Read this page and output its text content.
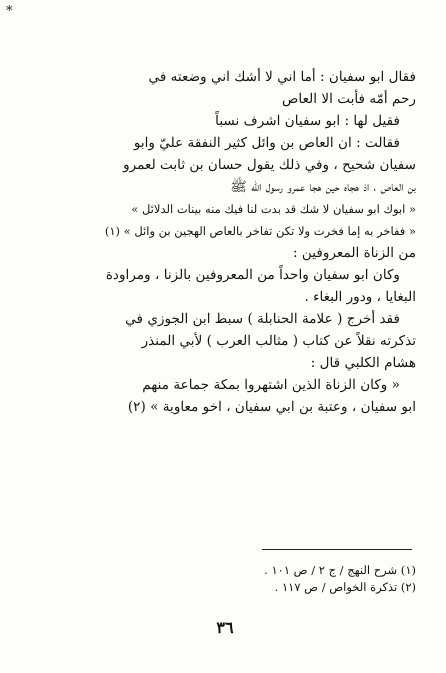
*
فقال ابو سفيان : أما اني لا أشك اني وضعته في
رحم أمّه فأبت الا العاص
فقيل لها : ابو سفيان اشرف نسباً
فقالت : ان العاص بن وائل كثير النفقة عليّ وابو
سفيان شحيح ، وفي ذلك يقول حسان بن ثابت لعمرو
بن العاص ، اذ هجاه حين هجا عمرو رسول الله ﷺ
« ابوك ابو سفيان لا شك قد بدت لنا فيك منه بينات الدلائل »
« ففاخر به إما فخرت ولا تكن تفاخر بالعاص الهجين بن وائل » (١)
من الزناة المعروفين :
وكان ابو سفيان واحداً من المعروفين بالزنا ، ومراودة
البغايا ، ودور البغاء .
فقد أخرج ( علامة الحنابلة ) سبط ابن الجوزي في
تذكرته نقلاً عن كتاب ( مثالب العرب ) لأبي المنذر
هشام الكلبي قال :
« وكان الزناة الذين اشتهروا بمكة جماعة منهم
ابو سفيان ، وعتبة بن ابي سفيان ، اخو معاوية » (٢)
(١) شرح النهج / ج ٢ / ص ١٠١ .
(٢) تذكرة الخواص / ص ١١٧ .
٣٦
